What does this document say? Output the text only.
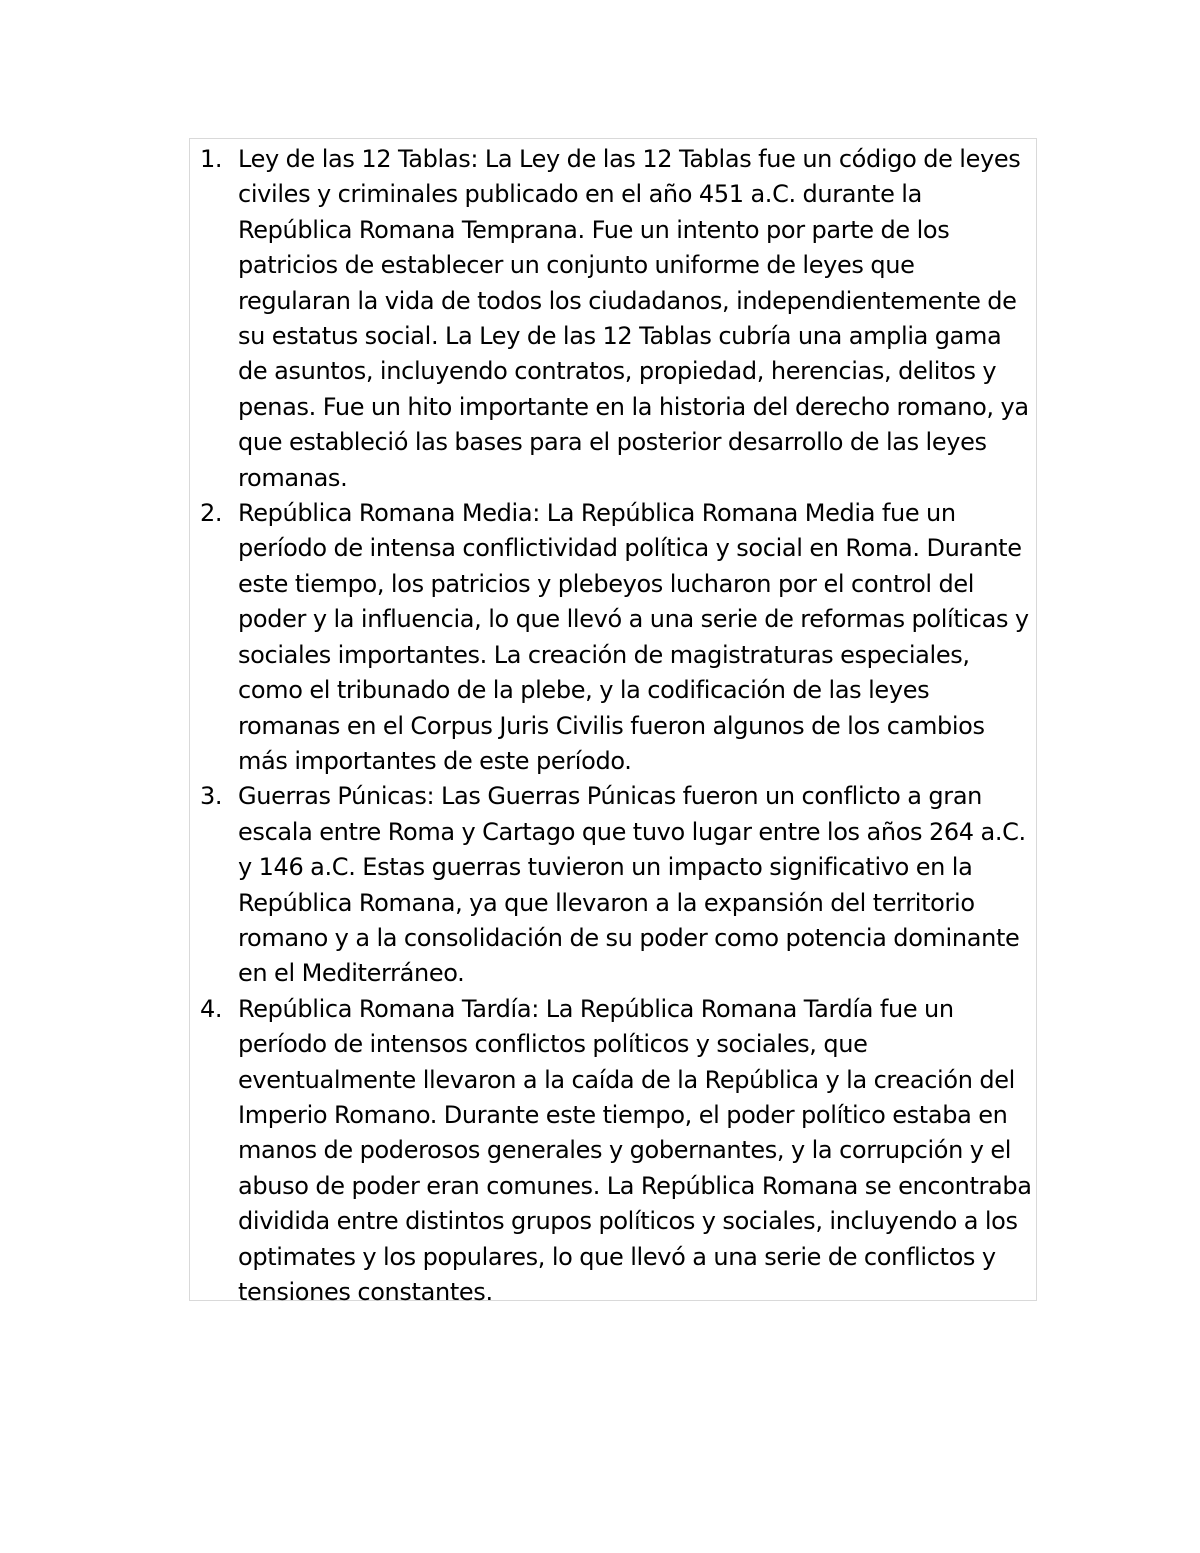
1. Ley de las 12 Tablas: La Ley de las 12 Tablas fue un código de leyes civiles y criminales publicado en el año 451 a.C. durante la República Romana Temprana. Fue un intento por parte de los patricios de establecer un conjunto uniforme de leyes que regularan la vida de todos los ciudadanos, independientemente de su estatus social. La Ley de las 12 Tablas cubría una amplia gama de asuntos, incluyendo contratos, propiedad, herencias, delitos y penas. Fue un hito importante en la historia del derecho romano, ya que estableció las bases para el posterior desarrollo de las leyes romanas.
2. República Romana Media: La República Romana Media fue un período de intensa conflictividad política y social en Roma. Durante este tiempo, los patricios y plebeyos lucharon por el control del poder y la influencia, lo que llevó a una serie de reformas políticas y sociales importantes. La creación de magistraturas especiales, como el tribunado de la plebe, y la codificación de las leyes romanas en el Corpus Juris Civilis fueron algunos de los cambios más importantes de este período.
3. Guerras Púnicas: Las Guerras Púnicas fueron un conflicto a gran escala entre Roma y Cartago que tuvo lugar entre los años 264 a.C. y 146 a.C. Estas guerras tuvieron un impacto significativo en la República Romana, ya que llevaron a la expansión del territorio romano y a la consolidación de su poder como potencia dominante en el Mediterráneo.
4. República Romana Tardía: La República Romana Tardía fue un período de intensos conflictos políticos y sociales, que eventualmente llevaron a la caída de la República y la creación del Imperio Romano. Durante este tiempo, el poder político estaba en manos de poderosos generales y gobernantes, y la corrupción y el abuso de poder eran comunes. La República Romana se encontraba dividida entre distintos grupos políticos y sociales, incluyendo a los optimates y los populares, lo que llevó a una serie de conflictos y tensiones constantes.
